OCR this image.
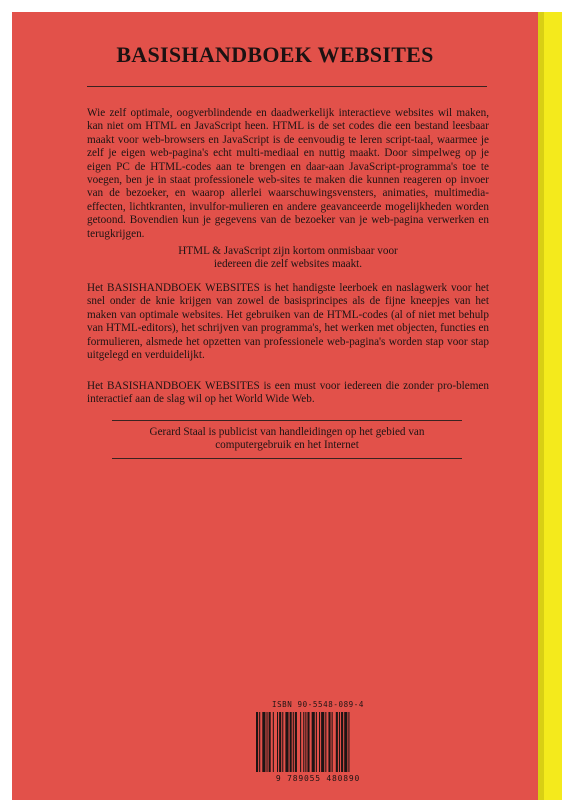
BASISHANDBOEK WEBSITES

Wie zelf optimale, oogverblindende en daadwerkelijk interactieve websites wil maken, kan niet om HTML en JavaScript heen. HTML is de set codes die een bestand leesbaar maakt voor web-browsers en JavaScript is de eenvoudig te leren script-taal, waarmee je zelf je eigen web-pagina's echt multi-mediaal en nuttig maakt. Door simpelweg op je eigen PC de HTML-codes aan te brengen en daar-aan JavaScript-programma's toe te voegen, ben je in staat professionele web-sites te maken die kunnen reageren op invoer van de bezoeker, en waarop allerlei waarschuwingsvensters, animaties, multimedia-effecten, lichtkranten, invulfor-mulieren en andere geavanceerde mogelijkheden worden getoond. Bovendien kun je gegevens van de bezoeker van je web-pagina verwerken en terugkrijgen.

HTML & JavaScript zijn kortom onmisbaar voor
iedereen die zelf websites maakt.

Het BASISHANDBOEK WEBSITES is het handigste leerboek en naslagwerk voor het snel onder de knie krijgen van zowel de basisprincipes als de fijne kneepjes van het maken van optimale websites. Het gebruiken van de HTML-codes (al of niet met behulp van HTML-editors), het schrijven van programma's, het werken met objecten, functies en formulieren, alsmede het opzetten van professionele web-pagina's worden stap voor stap uitgelegd en verduidelijkt.

Het BASISHANDBOEK WEBSITES is een must voor iedereen die zonder pro-blemen interactief aan de slag wil op het World Wide Web.

Gerard Staal is publicist van handleidingen op het gebied van
computergebruik en het Internet
ISBN 90-5548-089-4
9 789055 480890
